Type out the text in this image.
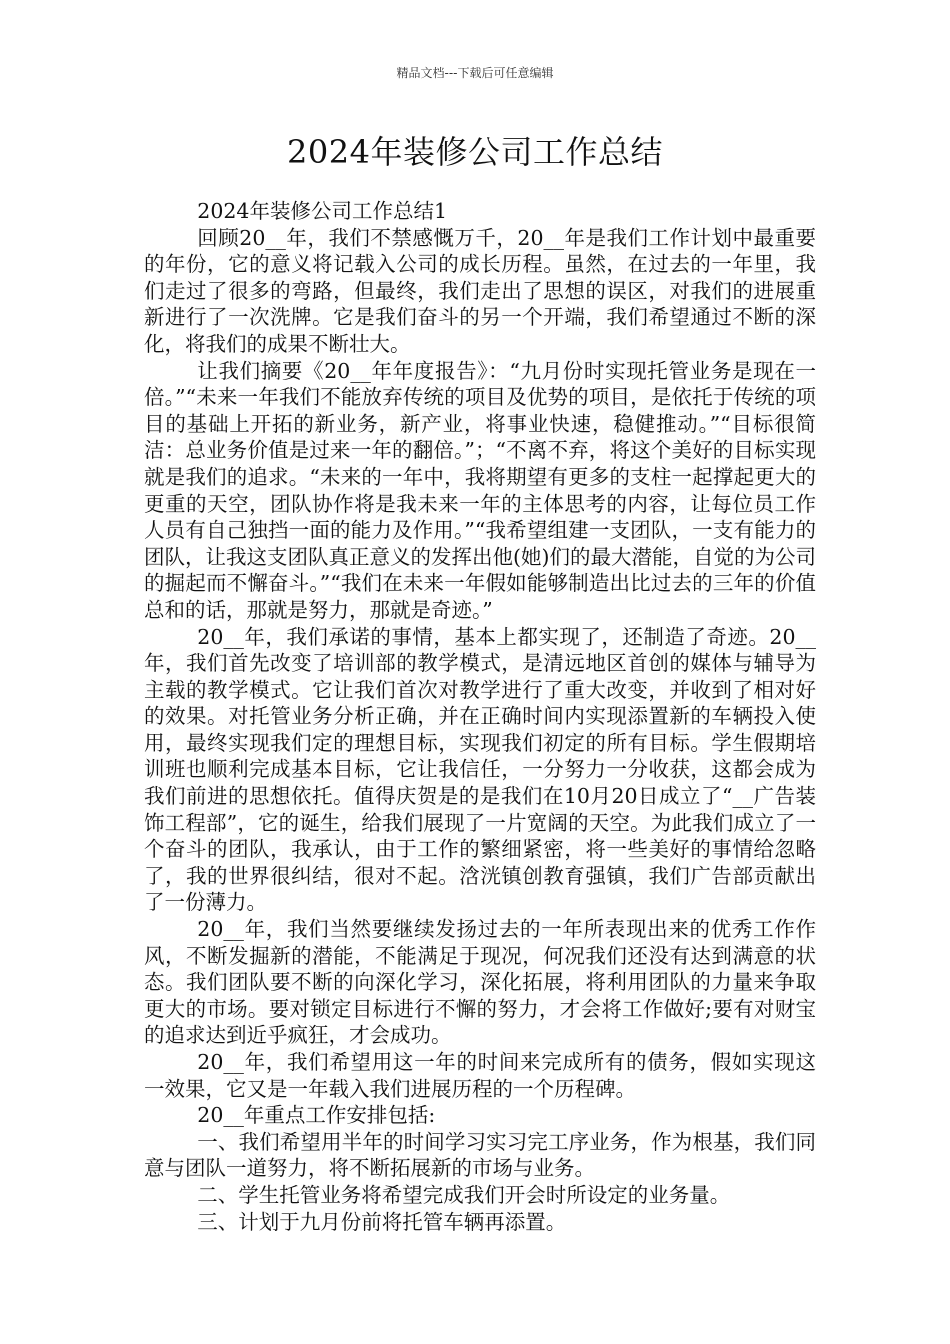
精品文档---下载后可任意编辑
2024年装修公司工作总结

2024年装修公司工作总结1

回顾20__年，我们不禁感慨万千，20__年是我们工作计划中最重要的年份，它的意义将记载入公司的成长历程。虽然，在过去的一年里，我们走过了很多的弯路，但最终，我们走出了思想的误区，对我们的进展重新进行了一次洗牌。它是我们奋斗的另一个开端，我们希望通过不断的深化，将我们的成果不断壮大。

让我们摘要《20__年年度报告》：“九月份时实现托管业务是现在一倍。”“未来一年我们不能放弃传统的项目及优势的项目，是依托于传统的项目的基础上开拓的新业务，新产业，将事业快速，稳健推动。”“目标很简洁：总业务价值是过来一年的翻倍。”；“不离不弃，将这个美好的目标实现就是我们的追求。“未来的一年中，我将期望有更多的支柱一起撑起更大的更重的天空，团队协作将是我未来一年的主体思考的内容，让每位员工作人员有自己独挡一面的能力及作用。”“我希望组建一支团队，一支有能力的团队，让我这支团队真正意义的发挥出他(她)们的最大潜能，自觉的为公司的掘起而不懈奋斗。”“我们在未来一年假如能够制造出比过去的三年的价值总和的话，那就是努力，那就是奇迹。”

20__年，我们承诺的事情，基本上都实现了，还制造了奇迹。20__年，我们首先改变了培训部的教学模式，是清远地区首创的媒体与辅导为主载的教学模式。它让我们首次对教学进行了重大改变，并收到了相对好的效果。对托管业务分析正确，并在正确时间内实现添置新的车辆投入使用，最终实现我们定的理想目标，实现我们初定的所有目标。学生假期培训班也顺利完成基本目标，它让我信任，一分努力一分收获，这都会成为我们前进的思想依托。值得庆贺是的是我们在10月20日成立了“__广告装饰工程部”，它的诞生，给我们展现了一片宽阔的天空。为此我们成立了一个奋斗的团队，我承认，由于工作的繁细紧密，将一些美好的事情给忽略了，我的世界很纠结，很对不起。浛洸镇创教育强镇，我们广告部贡献出了一份薄力。

20__年，我们当然要继续发扬过去的一年所表现出来的优秀工作作风，不断发掘新的潜能，不能满足于现况，何况我们还没有达到满意的状态。我们团队要不断的向深化学习，深化拓展，将利用团队的力量来争取更大的市场。要对锁定目标进行不懈的努力，才会将工作做好;要有对财宝的追求达到近乎疯狂，才会成功。

20__年，我们希望用这一年的时间来完成所有的债务，假如实现这一效果，它又是一年载入我们进展历程的一个历程碑。

20__年重点工作安排包括:

一、我们希望用半年的时间学习实习完工序业务，作为根基，我们同意与团队一道努力，将不断拓展新的市场与业务。

二、学生托管业务将希望完成我们开会时所设定的业务量。

三、计划于九月份前将托管车辆再添置。
